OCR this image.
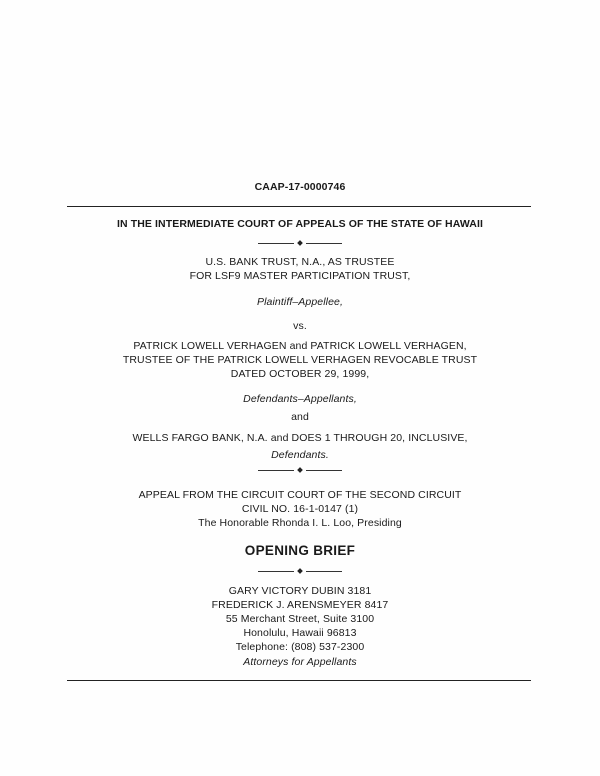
CAAP-17-0000746
IN THE INTERMEDIATE COURT OF APPEALS OF THE STATE OF HAWAII
U.S. BANK TRUST, N.A., AS TRUSTEE
FOR LSF9 MASTER PARTICIPATION TRUST,
Plaintiff–Appellee,
vs.
PATRICK LOWELL VERHAGEN and PATRICK LOWELL VERHAGEN,
TRUSTEE OF THE PATRICK LOWELL VERHAGEN REVOCABLE TRUST
DATED OCTOBER 29, 1999,
Defendants–Appellants,
and
WELLS FARGO BANK, N.A. and DOES 1 THROUGH 20, INCLUSIVE,
Defendants.
APPEAL FROM THE CIRCUIT COURT OF THE SECOND CIRCUIT
CIVIL NO. 16-1-0147 (1)
The Honorable Rhonda I. L. Loo, Presiding
OPENING BRIEF
GARY VICTORY DUBIN 3181
FREDERICK J. ARENSMEYER 8417
55 Merchant Street, Suite 3100
Honolulu, Hawaii 96813
Telephone: (808) 537-2300
Attorneys for Appellants
